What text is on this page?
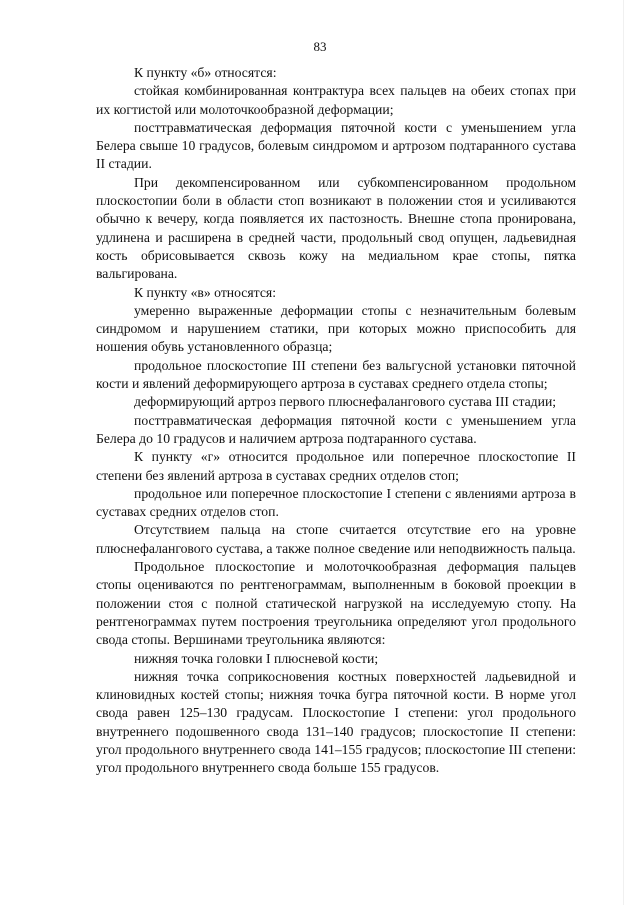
83

К пункту «б» относятся:

стойкая комбинированная контрактура всех пальцев на обеих стопах при их когтистой или молоточкообразной деформации;

посттравматическая деформация пяточной кости с уменьшением угла Белера свыше 10 градусов, болевым синдромом и артрозом подтаранного сустава II стадии.

При декомпенсированном или субкомпенсированном продольном плоскостопии боли в области стоп возникают в положении стоя и усиливаются обычно к вечеру, когда появляется их пастозность. Внешне стопа пронирована, удлинена и расширена в средней части, продольный свод опущен, ладьевидная кость обрисовывается сквозь кожу на медиальном крае стопы, пятка вальгирована.

К пункту «в» относятся:

умеренно выраженные деформации стопы с незначительным болевым синдромом и нарушением статики, при которых можно приспособить для ношения обувь установленного образца;

продольное плоскостопие III степени без вальгусной установки пяточной кости и явлений деформирующего артроза в суставах среднего отдела стопы;

деформирующий артроз первого плюснефалангового сустава III стадии;

посттравматическая деформация пяточной кости с уменьшением угла Белера до 10 градусов и наличием артроза подтаранного сустава.

К пункту «г» относится продольное или поперечное плоскостопие II степени без явлений артроза в суставах средних отделов стоп;

продольное или поперечное плоскостопие I степени с явлениями артроза в суставах средних отделов стоп.

Отсутствием пальца на стопе считается отсутствие его на уровне плюснефалангового сустава, а также полное сведение или неподвижность пальца.

Продольное плоскостопие и молоточкообразная деформация пальцев стопы оцениваются по рентгенограммам, выполненным в боковой проекции в положении стоя с полной статической нагрузкой на исследуемую стопу. На рентгенограммах путем построения треугольника определяют угол продольного свода стопы. Вершинами треугольника являются:

нижняя точка головки I плюсневой кости;

нижняя точка соприкосновения костных поверхностей ладьевидной и клиновидных костей стопы; нижняя точка бугра пяточной кости. В норме угол свода равен 125–130 градусам. Плоскостопие I степени: угол продольного внутреннего подошвенного свода 131–140 градусов; плоскостопие II степени: угол продольного внутреннего свода 141–155 градусов; плоскостопие III степени: угол продольного внутреннего свода больше 155 градусов.
